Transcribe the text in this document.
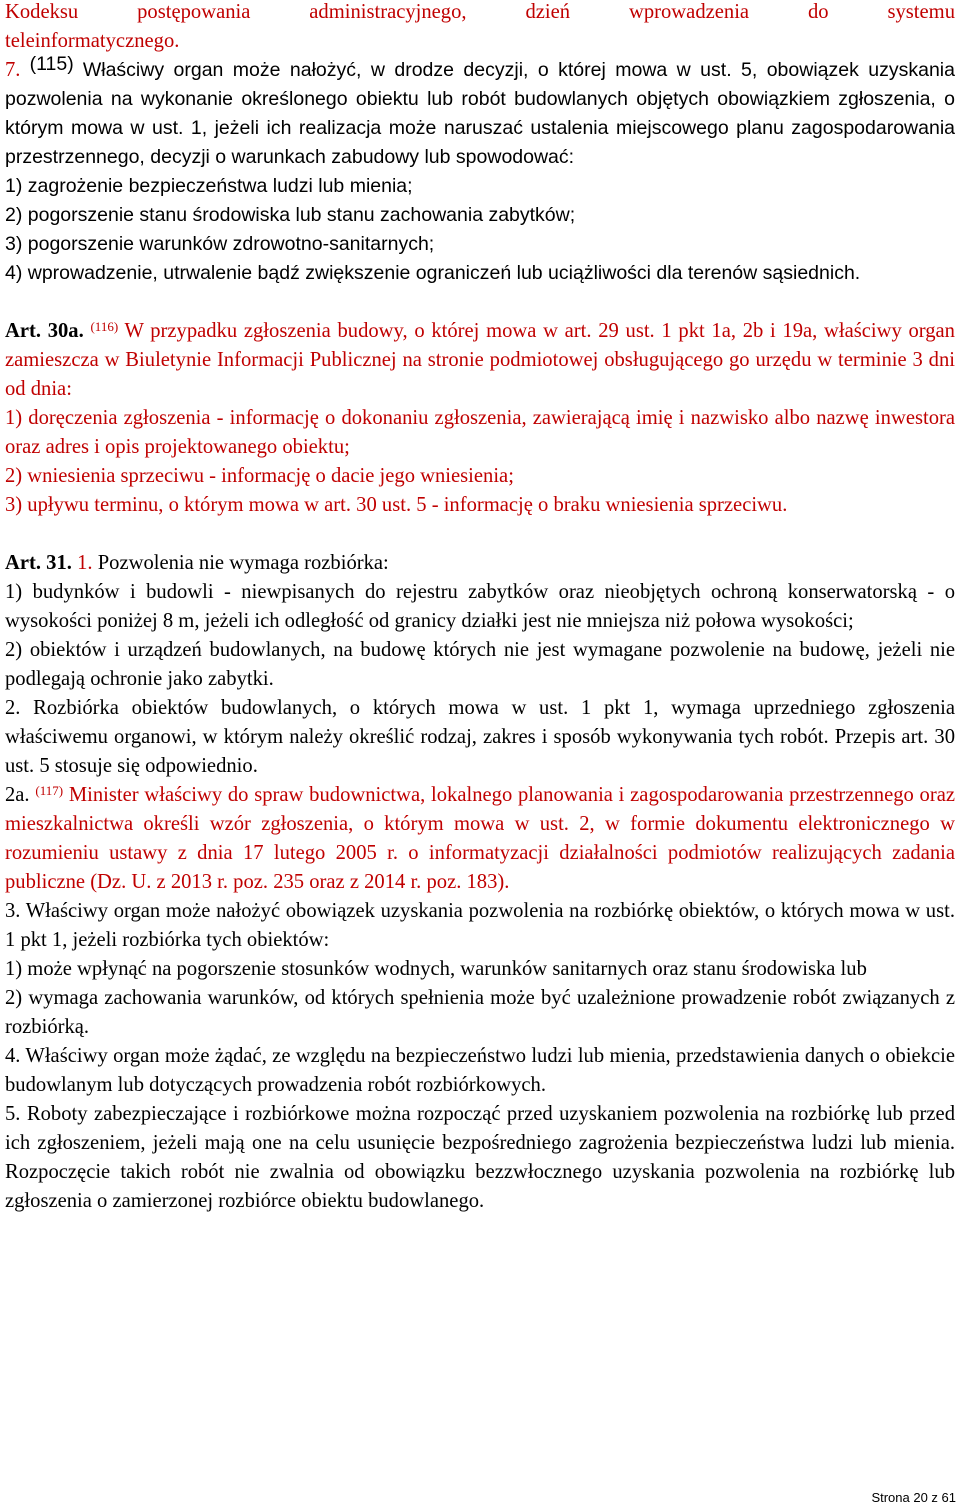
Kodeksu postępowania administracyjnego, dzień wprowadzenia do systemu

teleinformatycznego.

7. $^{(115)}$ Właściwy organ może nałożyć, w drodze decyzji, o której mowa w ust. 5, obowiązek uzyskania pozwolenia na wykonanie określonego obiektu lub robót budowlanych objętych obowiązkiem zgłoszenia, o którym mowa w ust. 1, jeżeli ich realizacja może naruszać ustalenia miejscowego planu zagospodarowania przestrzennego, decyzji o warunkach zabudowy lub spowodować:

1) zagrożenie bezpieczeństwa ludzi lub mienia;

2) pogorszenie stanu środowiska lub stanu zachowania zabytków;

3) pogorszenie warunków zdrowotno-sanitarnych;

4) wprowadzenie, utrwalenie bądź zwiększenie ograniczeń lub uciążliwości dla terenów sąsiednich.

Art. 30a. $^{(116)}$ W przypadku zgłoszenia budowy, o której mowa w art. 29 ust. 1 pkt 1a, 2b i 19a, właściwy organ zamieszcza w Biuletynie Informacji Publicznej na stronie podmiotowej obsługującego go urzędu w terminie 3 dni od dnia:

1) doręczenia zgłoszenia - informację o dokonaniu zgłoszenia, zawierającą imię i nazwisko albo nazwę inwestora oraz adres i opis projektowanego obiektu;

2) wniesienia sprzeciwu - informację o dacie jego wniesienia;

3) upływu terminu, o którym mowa w art. 30 ust. 5 - informację o braku wniesienia sprzeciwu.

Art. 31. 1. Pozwolenia nie wymaga rozbiórka:

1) budynków i budowli - niewpisanych do rejestru zabytków oraz nieobjętych ochroną konserwatorską - o wysokości poniżej 8 m, jeżeli ich odległość od granicy działki jest nie mniejsza niż połowa wysokości;

2) obiektów i urządzeń budowlanych, na budowę których nie jest wymagane pozwolenie na budowę, jeżeli nie podlegają ochronie jako zabytki.

2. Rozbiórka obiektów budowlanych, o których mowa w ust. 1 pkt 1, wymaga uprzedniego zgłoszenia właściwemu organowi, w którym należy określić rodzaj, zakres i sposób wykonywania tych robót. Przepis art. 30 ust. 5 stosuje się odpowiednio.

2a. $^{(117)}$ Minister właściwy do spraw budownictwa, lokalnego planowania i zagospodarowania przestrzennego oraz mieszkalnictwa określi wzór zgłoszenia, o którym mowa w ust. 2, w formie dokumentu elektronicznego w rozumieniu ustawy z dnia 17 lutego 2005 r. o informatyzacji działalności podmiotów realizujących zadania publiczne (Dz. U. z 2013 r. poz. 235 oraz z 2014 r. poz. 183).

3. Właściwy organ może nałożyć obowiązek uzyskania pozwolenia na rozbiórkę obiektów, o których mowa w ust. 1 pkt 1, jeżeli rozbiórka tych obiektów:

1) może wpłynąć na pogorszenie stosunków wodnych, warunków sanitarnych oraz stanu środowiska lub

2) wymaga zachowania warunków, od których spełnienia może być uzależnione prowadzenie robót związanych z rozbiórką.

4. Właściwy organ może żądać, ze względu na bezpieczeństwo ludzi lub mienia, przedstawienia danych o obiekcie budowlanym lub dotyczących prowadzenia robót rozbiórkowych.

5. Roboty zabezpieczające i rozbiórkowe można rozpocząć przed uzyskaniem pozwolenia na rozbiórkę lub przed ich zgłoszeniem, jeżeli mają one na celu usunięcie bezpośredniego zagrożenia bezpieczeństwa ludzi lub mienia. Rozpoczęcie takich robót nie zwalnia od obowiązku bezzwłocznego uzyskania pozwolenia na rozbiórkę lub zgłoszenia o zamierzonej rozbiórce obiektu budowlanego.

Strona 20 z 61
